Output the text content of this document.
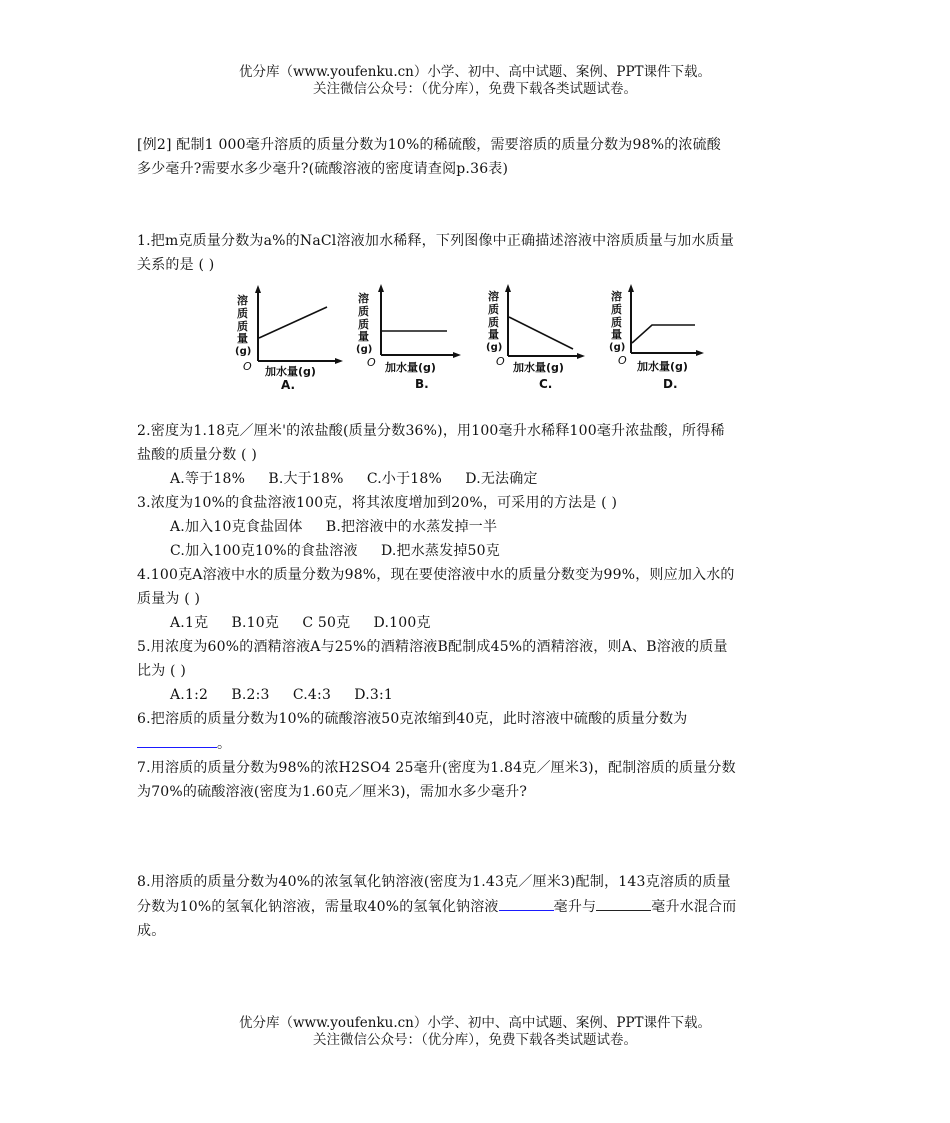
优分库（www.youfenku.cn）小学、初中、高中试题、案例、PPT课件下载。
关注微信公众号：（优分库），免费下载各类试题试卷。

[例2] 配制1 000毫升溶质的质量分数为10%的稀硫酸，需要溶质的质量分数为98%的浓硫酸

多少毫升?需要水多少毫升?(硫酸溶液的密度请查阅p.36表)

1.把m克质量分数为a%的NaCl溶液加水稀释，下列图像中正确描述溶液中溶质质量与加水质量

关系的是 ( )

溶
质
质
量
(g)
O 加水量(g)
A.
溶
质
质
量
(g)
O 加水量(g)
B.
溶
质
质
量
(g)
O 加水量(g)
C.
溶
质
质
量
(g)
O 加水量(g)
D.

2.密度为1.18克／厘米'的浓盐酸(质量分数36%)，用100毫升水稀释100毫升浓盐酸，所得稀

盐酸的质量分数 ( )

A.等于18%     B.大于18%     C.小于18%     D.无法确定

3.浓度为10%的食盐溶液100克，将其浓度增加到20%，可采用的方法是 ( )

A.加入10克食盐固体     B.把溶液中的水蒸发掉一半

C.加入100克10%的食盐溶液     D.把水蒸发掉50克

4.100克A溶液中水的质量分数为98%，现在要使溶液中水的质量分数变为99%，则应加入水的

质量为 ( )

A.1克     B.10克     C 50克     D.100克

5.用浓度为60%的酒精溶液A与25%的酒精溶液B配制成45%的酒精溶液，则A、B溶液的质量

比为 ( )

A.1:2     B.2:3     C.4:3     D.3:1

6.把溶质的质量分数为10%的硫酸溶液50克浓缩到40克，此时溶液中硫酸的质量分数为

。

7.用溶质的质量分数为98%的浓H2SO4 25毫升(密度为1.84克／厘米3)，配制溶质的质量分数

为70%的硫酸溶液(密度为1.60克／厘米3)，需加水多少毫升?

8.用溶质的质量分数为40%的浓氢氧化钠溶液(密度为1.43克／厘米3)配制，143克溶质的质量

分数为10%的氢氧化钠溶液，需量取40%的氢氧化钠溶液	毫升与	毫升水混合而

成。

优分库（www.youfenku.cn）小学、初中、高中试题、案例、PPT课件下载。
关注微信公众号：（优分库），免费下载各类试题试卷。
